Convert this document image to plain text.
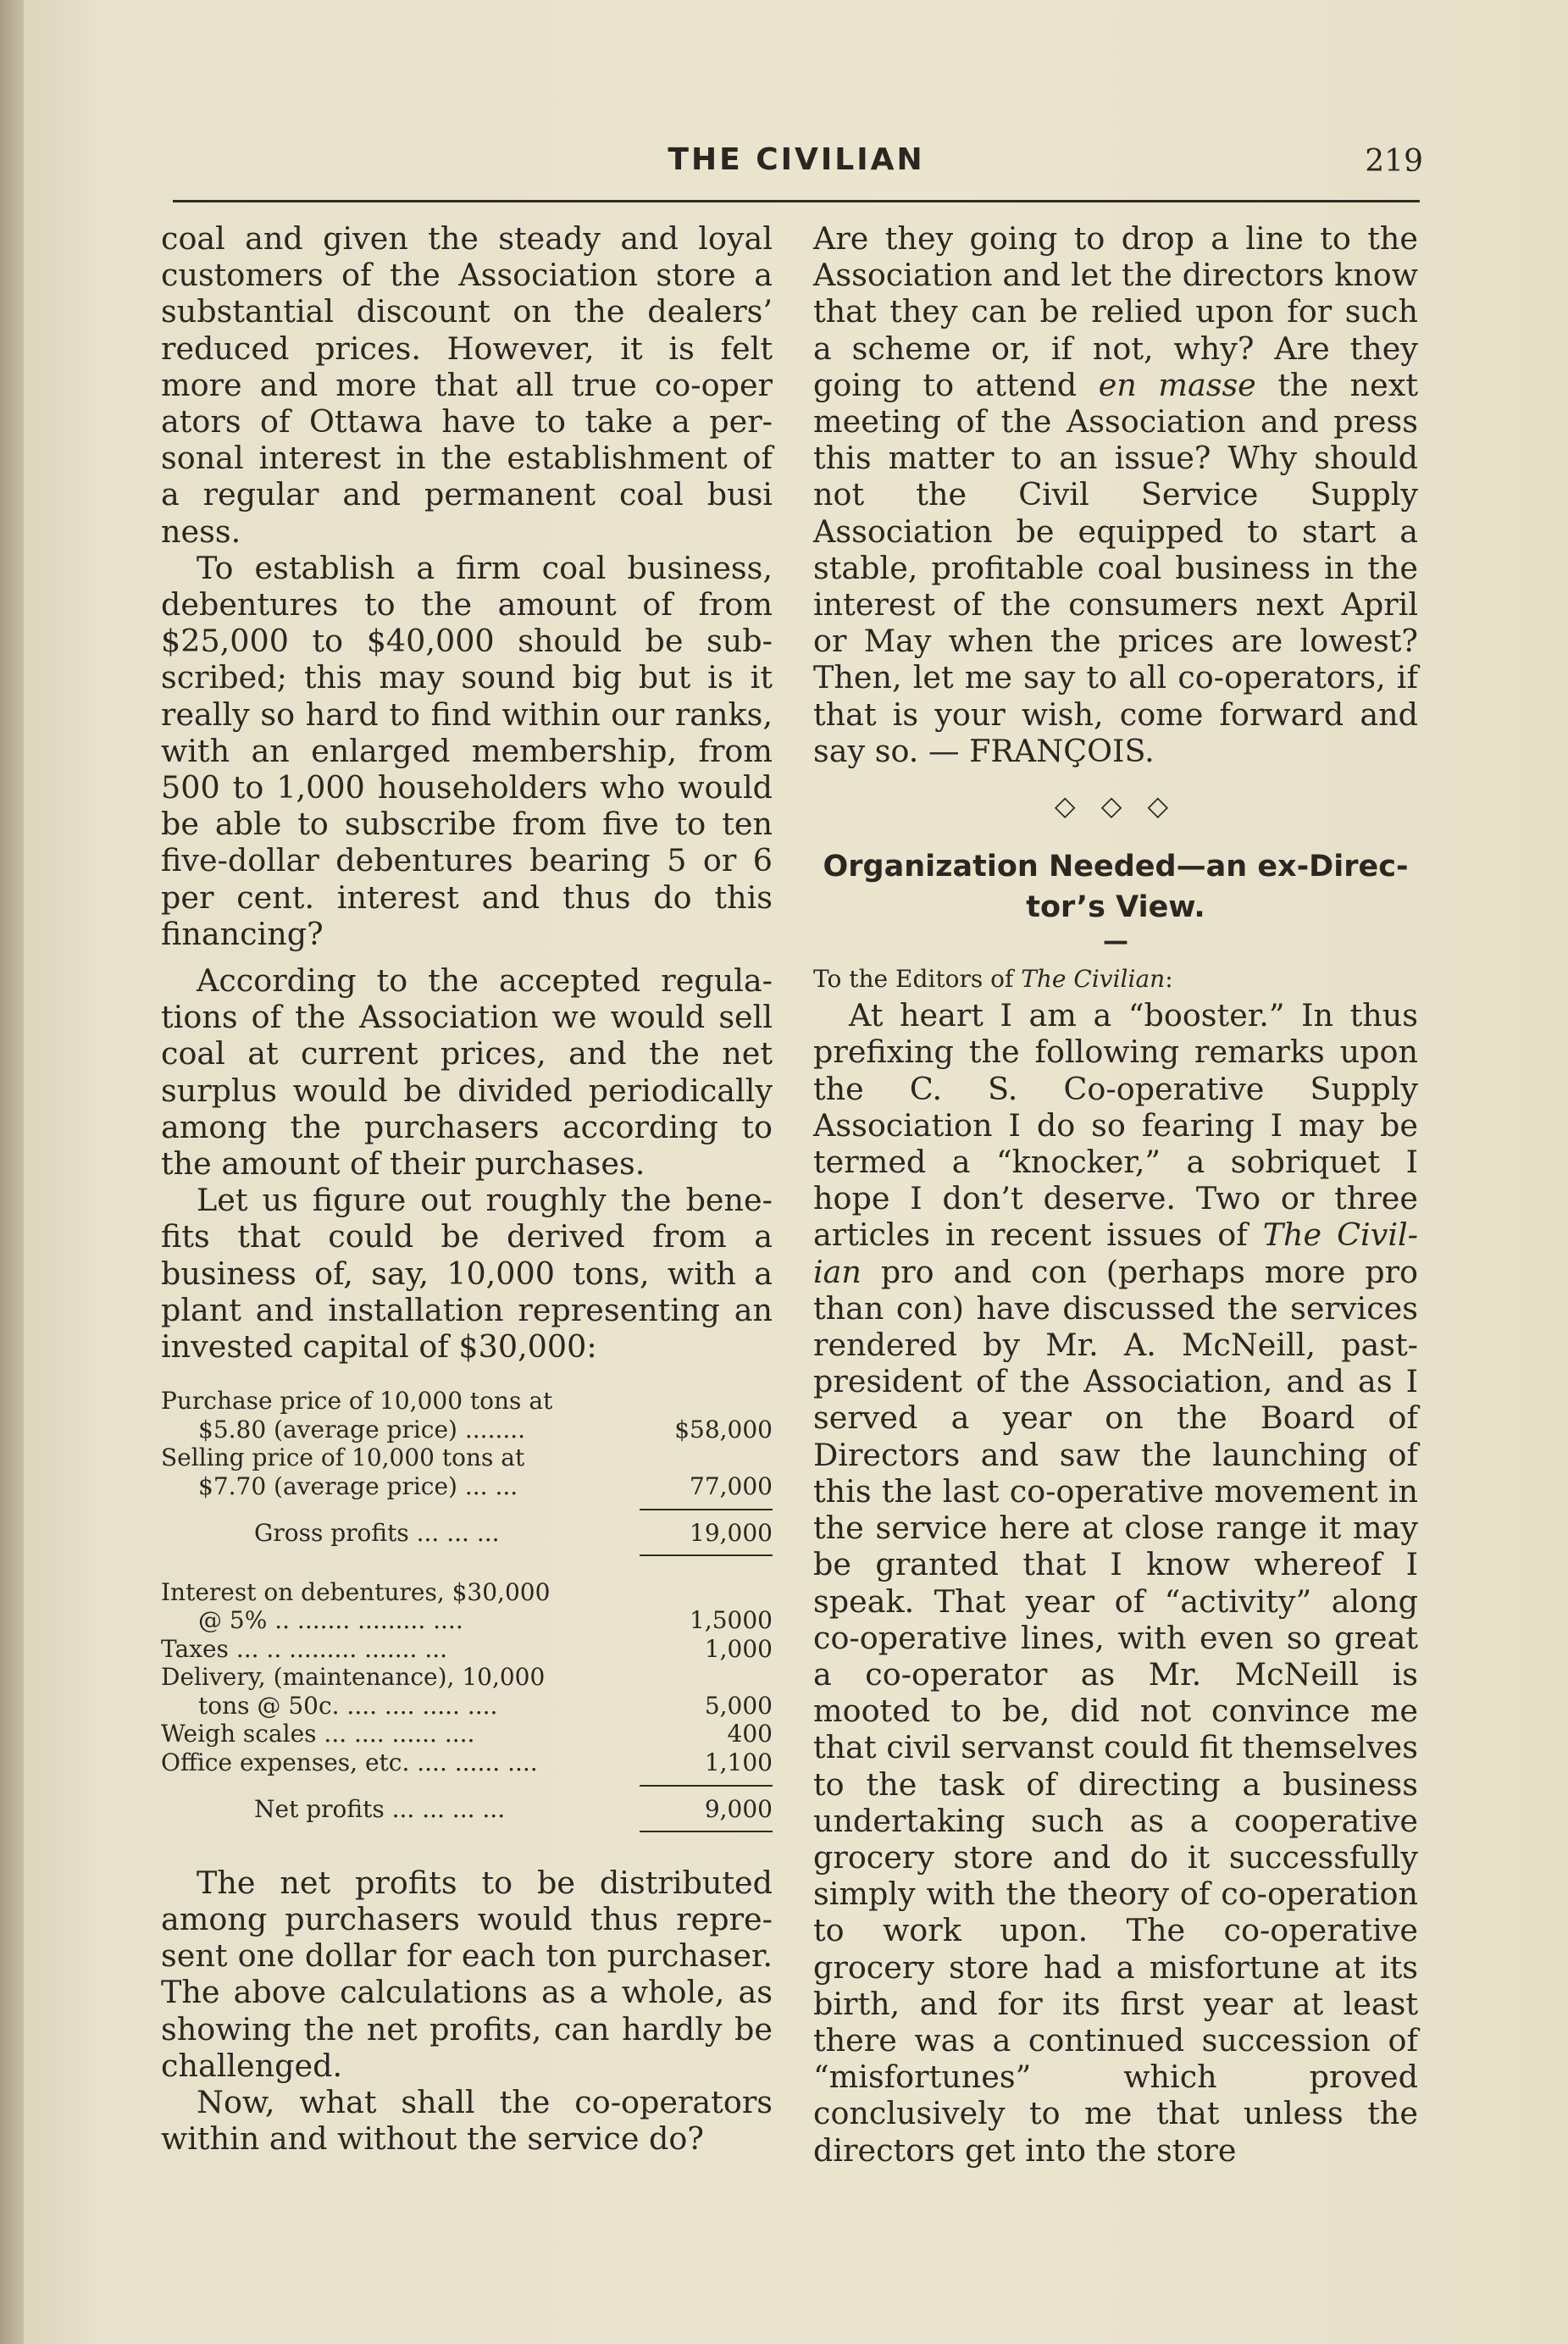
THE CIVILIAN	219

coal and given the steady and loyal customers of the Association store a substantial discount on the dealers’ reduced prices. However, it is felt more and more that all true co-oper ators of Ottawa have to take a personal interest in the establishment of a regular and permanent coal busi ness.

To establish a firm coal business, debentures to the amount of from $25,000 to $40,000 should be subscribed; this may sound big but is it really so hard to find within our ranks, with an enlarged membership, from 500 to 1,000 householders who would be able to subscribe from five to ten five-dollar debentures bearing 5 or 6 per cent. interest and thus do this financing?

According to the accepted regulations of the Association we would sell coal at current prices, and the net surplus would be divided periodically among the purchasers according to the amount of their purchases.

Let us figure out roughly the benefits that could be derived from a business of, say, 10,000 tons, with a plant and installation representing an invested capital of $30,000:

Purchase price of 10,000 tons at
$5.80 (average price) ........	$58,000
Selling price of 10,000 tons at
$7.70 (average price) ... ...	77,000
Gross profits ... ... ...	19,000
Interest on debentures, $30,000
@ 5% .. ....... ......... ....	1,5000
Taxes ... .. ......... ....... ...	1,000
Delivery, (maintenance), 10,000
tons @ 50c. .... .... ..... ....	5,000
Weigh scales ... .... ...... ....	400
Office expenses, etc. .... ...... ....	1,100
Net profits ... ... ... ...	9,000

The net profits to be distributed among purchasers would thus represent one dollar for each ton purchaser. The above calculations as a whole, as showing the net profits, can hardly be challenged.

Now, what shall the co-operators within and without the service do?

Are they going to drop a line to the Association and let the directors know that they can be relied upon for such a scheme or, if not, why? Are they going to attend en masse the next meeting of the Association and press this matter to an issue? Why should not the Civil Service Supply Association be equipped to start a stable, profitable coal business in the interest of the consumers next April or May when the prices are lowest? Then, let me say to all co-operators, if that is your wish, come forward and say so. — FRANÇOIS.

◇ ◇ ◇

Organization Needed—an ex-Director’s View.

—

To the Editors of The Civilian:

At heart I am a “booster.” In thus prefixing the following remarks upon the C. S. Co-operative Supply Association I do so fearing I may be termed a “knocker,” a sobriquet I hope I don’t deserve. Two or three articles in recent issues of The Civilian pro and con (perhaps more pro than con) have discussed the services rendered by Mr. A. McNeill, past-president of the Association, and as I served a year on the Board of Directors and saw the launching of this the last co-operative movement in the service here at close range it may be granted that I know whereof I speak. That year of “activity” along co-operative lines, with even so great a co-operator as Mr. McNeill is mooted to be, did not convince me that civil servanst could fit themselves to the task of directing a business undertaking such as a cooperative grocery store and do it successfully simply with the theory of co-operation to work upon. The co-operative grocery store had a misfortune at its birth, and for its first year at least there was a continued succession of “misfortunes” which proved conclusively to me that unless the directors get into the store
